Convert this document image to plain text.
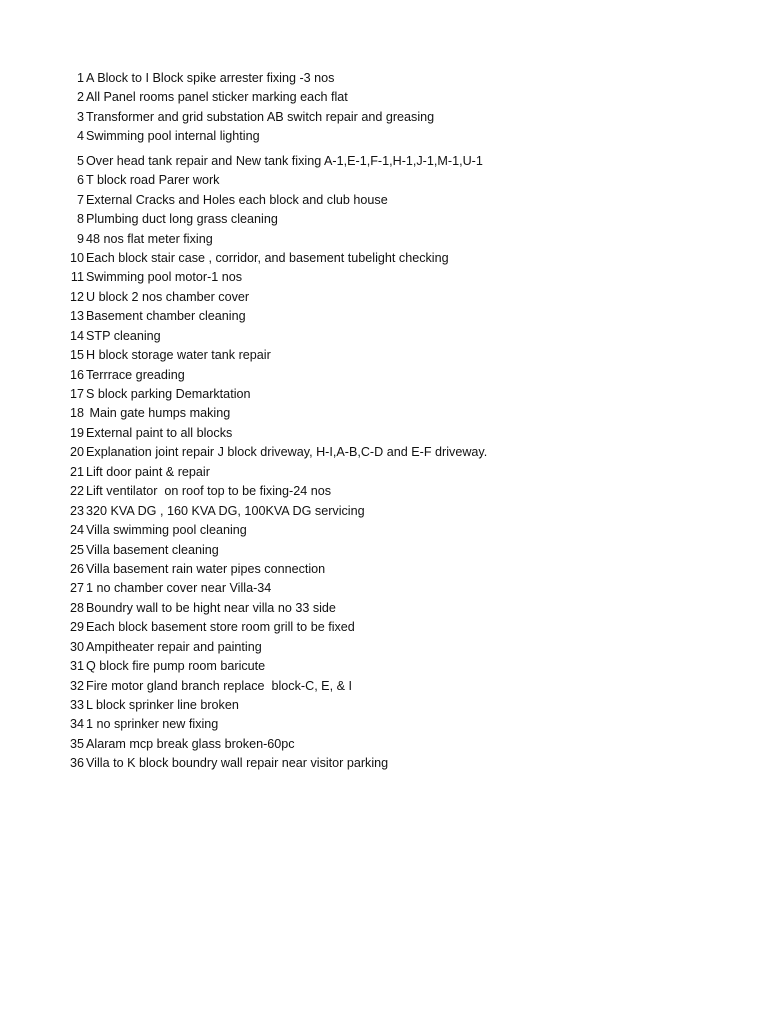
1 A Block to I Block spike arrester fixing -3 nos
2 All Panel rooms panel sticker marking each flat
3 Transformer and grid substation AB switch repair and greasing
4 Swimming pool internal lighting
5 Over head tank repair and New tank fixing A-1,E-1,F-1,H-1,J-1,M-1,U-1
6 T block road Parer work
7 External Cracks and Holes each block and club house
8 Plumbing duct long grass cleaning
9 48 nos flat meter fixing
10 Each block stair case , corridor, and basement tubelight checking
11 Swimming pool motor-1 nos
12 U block 2 nos chamber cover
13 Basement chamber cleaning
14 STP cleaning
15 H block storage water tank repair
16 Terrrace greading
17 S block parking Demarktation
18 Main gate humps making
19 External paint to all blocks
20 Explanation joint repair J block driveway, H-I,A-B,C-D and E-F driveway.
21 Lift door paint & repair
22 Lift ventilator  on roof top to be fixing-24 nos
23 320 KVA DG , 160 KVA DG, 100KVA DG servicing
24 Villa swimming pool cleaning
25 Villa basement cleaning
26 Villa basement rain water pipes connection
27 1 no chamber cover near Villa-34
28 Boundry wall to be hight near villa no 33 side
29 Each block basement store room grill to be fixed
30 Ampitheater repair and painting
31 Q block fire pump room baricute
32 Fire motor gland branch replace  block-C, E, & I
33 L block sprinker line broken
34 1 no sprinker new fixing
35 Alaram mcp break glass broken-60pc
36 Villa to K block boundry wall repair near visitor parking
